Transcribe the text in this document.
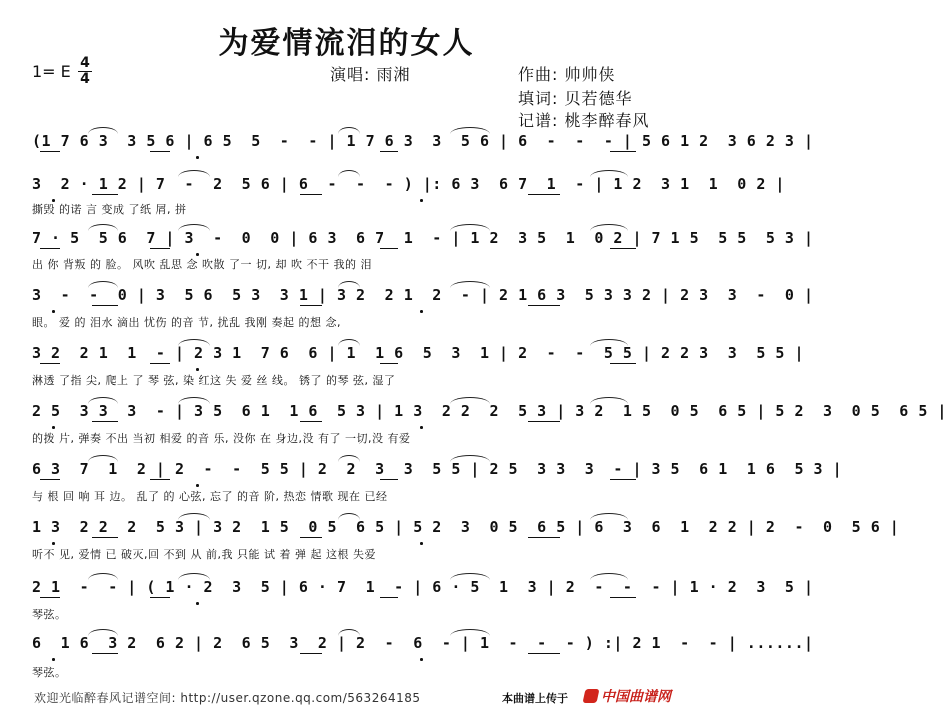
为爱情流泪的女人
1= E 4
4	演唱: 雨湘	作曲: 帅帅侠
填词: 贝若德华
记谱: 桃李醉春风
(1 7 6 3  3 5 6 | 6 5  5  -  - | 1 7 6 3  3  5 6 | 6  -  -  - | 5 6 1 2  3 6 2 3 |
3  2 · 1 2 | 7  -  2  5 6 | 6  -  -  - ) |: 6 3  6 7  1  - | 1 2  3 1  1  0 2 |
撕毁 的诺 言 变成 了纸 屑, 拼
7 · 5  5 6  7 | 3  -  0  0 | 6 3  6 7  1  - | 1 2  3 5  1  0 2 | 7 1 5  5 5  5 3 |
出 你 背叛 的 脸。 风吹 乱思 念 吹散 了一 切, 却 吹 不干 我的 泪
3  -  -  0 | 3  5 6  5 3  3 1 | 3 2  2 1  2  - | 2 1 6 3  5 3 3 2 | 2 3  3  -  0 |
眼。 爱 的 泪水 滴出 忧伤 的音 节, 扰乱 我刚 奏起 的想 念,
3 2  2 1  1  - | 2 3 1  7 6  6 | 1  1 6  5  3  1 | 2  -  -  5 5 | 2 2 3  3  5 5 |
淋透 了指 尖, 爬上 了 琴 弦, 染 红这 失 爱 丝 线。 锈了 的琴 弦, 湿了
2 5  3 3  3  - | 3 5  6 1  1 6  5 3 | 1 3  2 2  2  5 3 | 3 2  1 5  0 5  6 5 | 5 2  3  0 5  6 5 |
的拨 片, 弹奏 不出 当初 相爱 的音 乐, 没你 在 身边,没 有了 一切,没 有爱
6 3  7  1  2 | 2  -  -  5 5 | 2  2  3  3  5 5 | 2 5  3 3  3  - | 3 5  6 1  1 6  5 3 |
与 根 回 响 耳 边。 乱了 的 心弦, 忘了 的音 阶, 热恋 情歌 现在 已经
1 3  2 2  2  5 3 | 3 2  1 5  0 5  6 5 | 5 2  3  0 5  6 5 | 6  3  6  1  2 2 | 2  -  0  5 6 |
听不 见, 爱情 已 破灭,回 不到 从 前,我 只能 试 着 弹 起 这根 失爱
2 1  -  - | ( 1 · 2  3  5 | 6 · 7  1  - | 6 · 5  1  3 | 2  -  -  - | 1 · 2  3  5 |
琴弦。
6  1 6  3 2  6 2 | 2  6 5  3  2 | 2  -  6  - | 1  -  -  - ) :| 2 1  -  - | ......|
琴弦。
欢迎光临醉春风记谱空间: http://user.qzone.qq.com/563264185	本曲谱上传于 中国曲谱网
